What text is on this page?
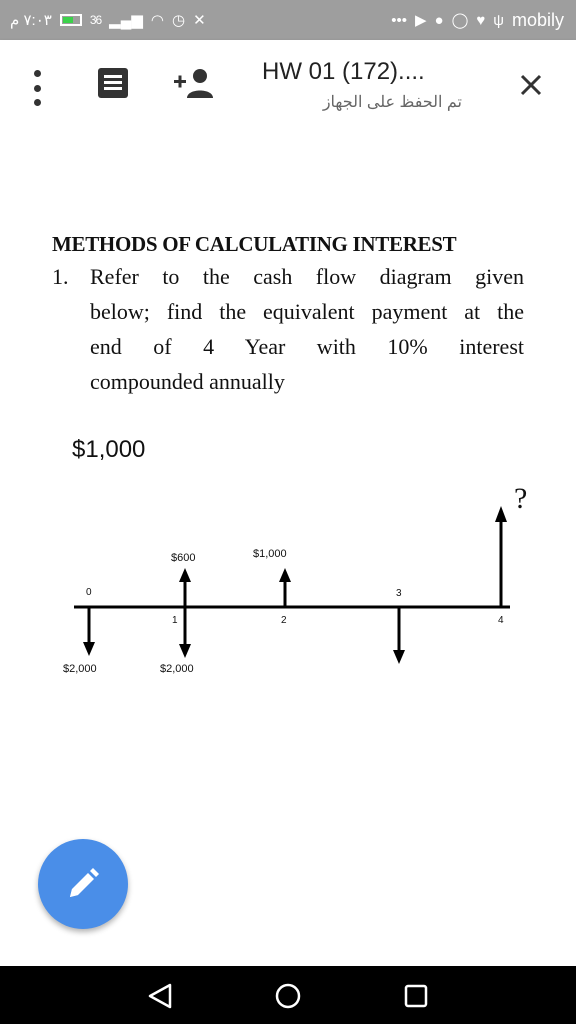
٧:٠٣ م	36 ▂▄▆ ◠ ◷ ✕	••• ▶ ● ◯ ♥ ψ mobily
HW 01 (172)....
تم الحفظ على الجهاز
METHODS OF CALCULATING INTEREST
1. Refer to the cash flow diagram given
below; find the equivalent payment at the
end of 4 Year with 10% interest
compounded annually
$1,000
?
$600	$1,000
0
1	2
3
4
$2,000	$2,000
